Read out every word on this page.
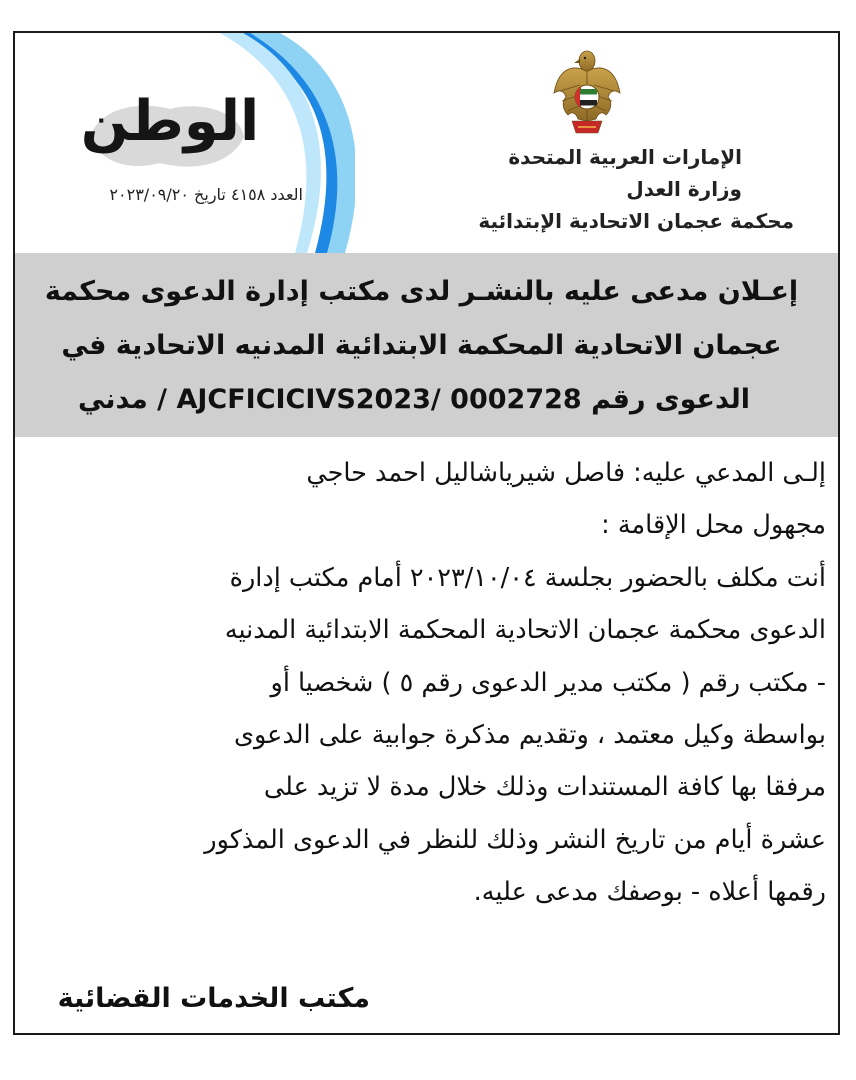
الإمارات العربية المتحدة
وزارة العدل
محكمة عجمان الاتحادية الإبتدائية
الوطن
العدد ٤١٥٨ تاريخ ٢٠٢٣/٠٩/٢٠
إعـلان مدعى عليه بالنشـر لدى مكتب إدارة الدعوى محكمة
عجمان الاتحادية المحكمة الابتدائية المدنيه الاتحادية في
الدعوى رقم AJCFICICIVS2023/ 0002728 / مدني
إلـى المدعي عليه: فاصل شيرياشاليل احمد حاجي
مجهول محل الإقامة :
أنت مكلف بالحضور بجلسة ٢٠٢٣/١٠/٠٤ أمام مكتب إدارة
الدعوى محكمة عجمان الاتحادية المحكمة الابتدائية المدنيه
- مكتب رقم ( مكتب مدير الدعوى رقم ٥ ) شخصيا أو
بواسطة وكيل معتمد ، وتقديم مذكرة جوابية على الدعوى
مرفقا بها كافة المستندات وذلك خلال مدة لا تزيد على
عشرة أيام من تاريخ النشر وذلك للنظر في الدعوى المذكور
رقمها أعلاه - بوصفك مدعى عليه.
مكتب الخدمات القضائية
